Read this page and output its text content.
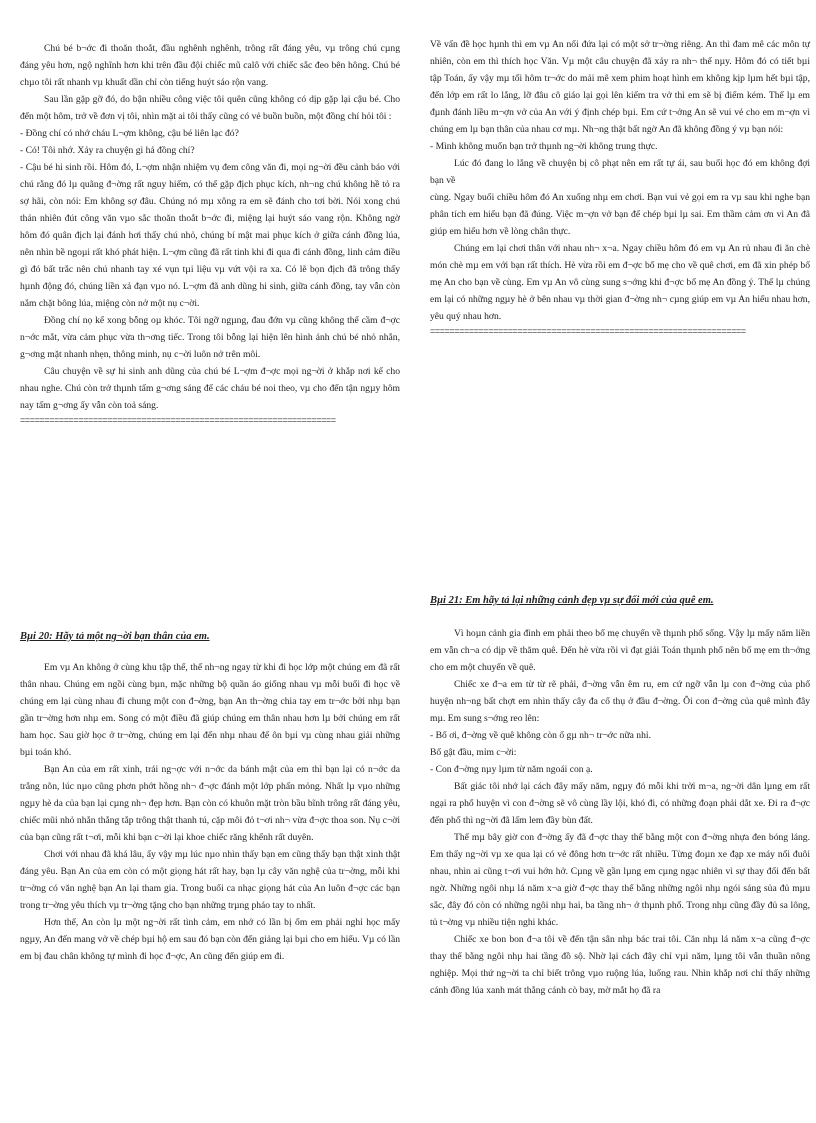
Chú bé b¬ớc đi thoăn thoắt, đầu nghênh nghênh, trông rất đáng yêu, vµ trông chú cµng đáng yêu hơn, ngộ nghĩnh hơn khi trên đầu đội chiếc mũ calô với chiếc sắc đeo bên hông. Chú bé chµo tôi rất nhanh vµ khuất dần chỉ còn tiếng huýt sáo rộn vang.

Sau lần gặp gỡ đó, do bận nhiều công việc tôi quên cũng không có dịp gặp lại cậu bé. Cho đến một hôm, trở về đơn vị tôi, nhìn mặt ai tôi thấy cũng có vẻ buồn buồn, một đồng chí hỏi tôi :

- Đồng chí có nhớ cháu L¬ợm không, cậu bé liên lạc đó?

- Có! Tôi nhớ. Xảy ra chuyện gì hả đồng chí?

- Cậu bé hi sinh rồi. Hôm đó, L¬ợm nhận nhiệm vụ đem công văn đi, mọi ng¬ời đều cảnh báo với chú rằng đó lµ quãng đ¬ờng rất nguy hiểm, có thể gặp địch phục kích, nh¬ng chú không hề tỏ ra sợ hãi, còn nói: Em không sợ đâu. Chúng nó mµ xông ra em sẽ đánh cho tơi bời. Nói xong chú thản nhiên đút công văn vµo sắc thoăn thoắt b¬ớc đi, miệng lại huýt sáo vang rộn. Không ngờ hôm đó quân địch lại đánh hơi thấy chú nhỏ, chúng bí mật mai phục kích ở giữa cánh đồng lúa, nên nhìn bề ngoµi rất khó phát hiện. L¬ợm cũng đã rất tinh khi đi qua đi cánh đồng, linh cảm điều gì đó bất trắc nên chú nhanh tay xé vụn tµi liệu vµ vứt vội ra xa. Có lẽ bọn địch đã trông thấy hµnh động đó, chúng liền xả đạn vµo nó. L¬ợm đã anh dũng hi sinh, giữa cánh đồng, tay vẫn còn nắm chặt bông lúa, miệng còn nở một nụ c¬ời.

Đồng chí nọ kể xong bỗng oµ khóc. Tôi ngỡ ngµng, đau đớn vµ cũng không thể cầm đ¬ợc n¬ớc mắt, vừa cảm phục vừa th¬ơng tiếc. Trong tôi bỗng lại hiện lên hình ảnh chú bé nhỏ nhắn, g¬ơng mặt nhanh nhẹn, thông minh, nụ c¬ời luôn nở trên môi.

Câu chuyện về sự hi sinh anh dũng của chú bé L¬ợm đ¬ợc mọi ng¬ời ở khắp nơi kể cho nhau nghe. Chú còn trở thµnh tấm g¬ơng sáng để các cháu bé noi theo, vµ cho đến tận ngµy hôm nay tấm g¬ơng ấy vẫn còn toả sáng.

=================================================================

Về vấn đề học hµnh thì em vµ An nổi đứa lại có một sở tr¬ờng riêng. An thì đam mê các môn tự nhiên, còn em thì thích học Văn. Vµ một câu chuyện đã xảy ra nh¬ thế nµy. Hôm đó có tiết bµi tập Toán, ấy vậy mµ tối hôm tr¬ớc do mải mê xem phim hoạt hình em không kịp lµm hết bµi tập, đến lớp em rất lo lắng, lỡ đâu cô giáo lại gọi lên kiểm tra vở thì em sẽ bị điểm kém. Thế lµ em đµnh đánh liều m¬ợn vở của An với ý định chép bµi. Em cứ t¬ởng An sẽ vui vẻ cho em m¬ợn vì chúng em lµ bạn thân của nhau cơ mµ. Nh¬ng thật bất ngờ An đã không đồng ý vµ bạn nói:

- Mình không muốn bạn trở thµnh ng¬ời không trung thực.

Lúc đó đang lo lắng về chuyện bị cô phạt nên em rất tự ái, sau buổi học đó em không đợi bạn về

cùng. Ngay buổi chiều hôm đó An xuống nhµ em chơi. Bạn vui vẻ gọi em ra vµ sau khi nghe bạn phân tích em hiểu bạn đã đúng. Việc m¬ợn vở bạn để chép bµi lµ sai. Em thầm cảm ơn vì An đã giúp em hiểu hơn về lòng chân thực.

Chúng em lại chơi thân với nhau nh¬ x¬a. Ngay chiều hôm đó em vµ An rủ nhau đi ăn chè món chè mµ em với bạn rất thích. Hè vừa rồi em đ¬ợc bố mẹ cho về quê chơi, em đã xin phép bố mẹ An cho bạn về cùng. Em vµ An vô cùng sung s¬ớng khi đ¬ợc bố mẹ An đồng ý. Thế lµ chúng em lại có những ngµy hè ở bên nhau vµ thời gian đ¬ờng nh¬ cµng giúp em vµ An hiểu nhau hơn, yêu quý nhau hơn.

=================================================================

Bµi 20: Hãy tả một ng¬ời bạn thân của em.

Em vµ An không ở cùng khu tập thể, thế nh¬ng ngay từ khi đi học lớp một chúng em đã rất thân nhau. Chúng em ngồi cùng bµn, mặc những bộ quần áo giống nhau vµ mỗi buổi đi học về chúng em lại cùng nhau đi chung một con đ¬ờng, bạn An th¬ờng chia tay em tr¬ớc bởi nhµ bạn gần tr¬ờng hơn nhµ em. Song có một điều đã giúp chúng em thân nhau hơn lµ bởi chúng em rất ham học. Sau giờ học ở tr¬ờng, chúng em lại đến nhµ nhau để ôn bµi vµ cùng nhau giải những bµi toán khó.

Bạn An của em rất xinh, trái ng¬ợc với n¬ớc da bánh mật của em thì bạn lại có n¬ớc da trắng nõn, lúc nµo cũng phơn phớt hồng nh¬ đ¬ợc đánh một lớp phấn mỏng. Nhất lµ vµo những ngµy hè da của bạn lại cµng nh¬ đẹp hơn. Bạn còn có khuôn mặt tròn bầu bĩnh trông rất đáng yêu, chiếc mũi nhỏ nhắn thẳng tắp trông thật thanh tú, cặp môi đỏ t¬ơi nh¬ vừa đ¬ợc thoa son. Nụ c¬ời của bạn cũng rất t¬ơi, mỗi khi bạn c¬ời lại khoe chiếc răng khểnh rất duyên.

Chơi với nhau đã khá lâu, ấy vậy mµ lúc nµo nhìn thấy bạn em cũng thấy bạn thật xinh thật đáng yêu. Bạn An của em còn có một giọng hát rất hay, bạn lµ cây văn nghệ của tr¬ờng, mỗi khi tr¬ờng có văn nghệ bạn An lại tham gia. Trong buổi ca nhạc giọng hát của An luôn đ¬ợc các bạn trong tr¬ờng yêu thích vµ tr¬ờng tặng cho bạn những trµng pháo tay to nhất.

Hơn thế, An còn lµ một ng¬ời rất tình cảm, em nhớ có lần bị ốm em phải nghỉ học mấy ngµy, An đến mang vở về chép bµi hộ em sau đó bạn còn đến giảng lại bµi cho em hiểu. Vµ có lần em bị đau chân không tự mình đi học đ¬ợc, An cũng đến giúp em đi.

Bµi 21: Em hãy tả lại những cảnh đẹp vµ sự đổi mới của quê em.

Vì hoµn cảnh gia đình em phải theo bố mẹ chuyển về thµnh phố sống. Vậy lµ mấy năm liền em vẫn ch¬a có dịp về thăm quê. Đến hè vừa rồi vì đạt giải Toán thµnh phố nên bố mẹ em th¬ởng cho em một chuyến về quê.

Chiếc xe đ¬a em từ từ rẽ phải, đ¬ờng vẫn êm ru, em cứ ngỡ vẫn lµ con đ¬ờng của phố huyện nh¬ng bất chợt em nhìn thấy cây đa cổ thụ ở đầu đ¬ờng. Ôi con đ¬ờng của quê mình đây mµ. Em sung s¬ớng reo lên:

- Bố ơi, đ¬ờng về quê không còn ổ gµ nh¬ tr¬ớc nữa nhỉ.

Bố gật đầu, mỉm c¬ời:

- Con đ¬ờng nµy lµm từ năm ngoái con ạ.

Bất giác tôi nhớ lại cách đây mấy năm, ngµy đó mỗi khi trời m¬a, ng¬ời dân lµng em rất ngại ra phố huyện vì con đ¬ờng sẽ vô cùng lầy lội, khó đi, có những đoạn phải dắt xe. Đi ra đ¬ợc đến phố thì ng¬ời đã lấm lem đầy bùn đất.

Thế mµ bây giờ con đ¬ờng ấy đã đ¬ợc thay thế bằng một con đ¬ờng nhựa đen bóng láng. Em thấy ng¬ời vµ xe qua lại có vẻ đông hơn tr¬ớc rất nhiều. Từng đoµn xe đạp xe máy nối đuôi nhau, nhìn ai cũng t¬ơi vui hớn hở. Cµng về gần lµng em cµng ngạc nhiên vì sự thay đổi đến bất ngờ. Những ngôi nhµ lá năm x¬a giờ đ¬ợc thay thế bằng những ngôi nhµ ngói sáng sủa đủ mµu sắc, đây đó còn có những ngôi nhµ hai, ba tầng nh¬ ở thµnh phố. Trong nhµ cũng đầy đủ sa lông, tủ t¬ờng vµ nhiều tiện nghi khác.

Chiếc xe bon bon đ¬a tôi về đến tận sân nhµ bác trai tôi. Căn nhµ lá năm x¬a cũng đ¬ợc thay thế bằng ngôi nhµ hai tầng đồ sộ. Nhờ lại cách đây chỉ vµi năm, lµng tôi vẫn thuần nông nghiệp. Mọi thứ ng¬ời ta chỉ biết trông vµo ruộng lúa, luống rau. Nhìn khắp nơi chỉ thấy những cánh đồng lúa xanh mát thẳng cánh cò bay, mờ mắt họ đã ra
